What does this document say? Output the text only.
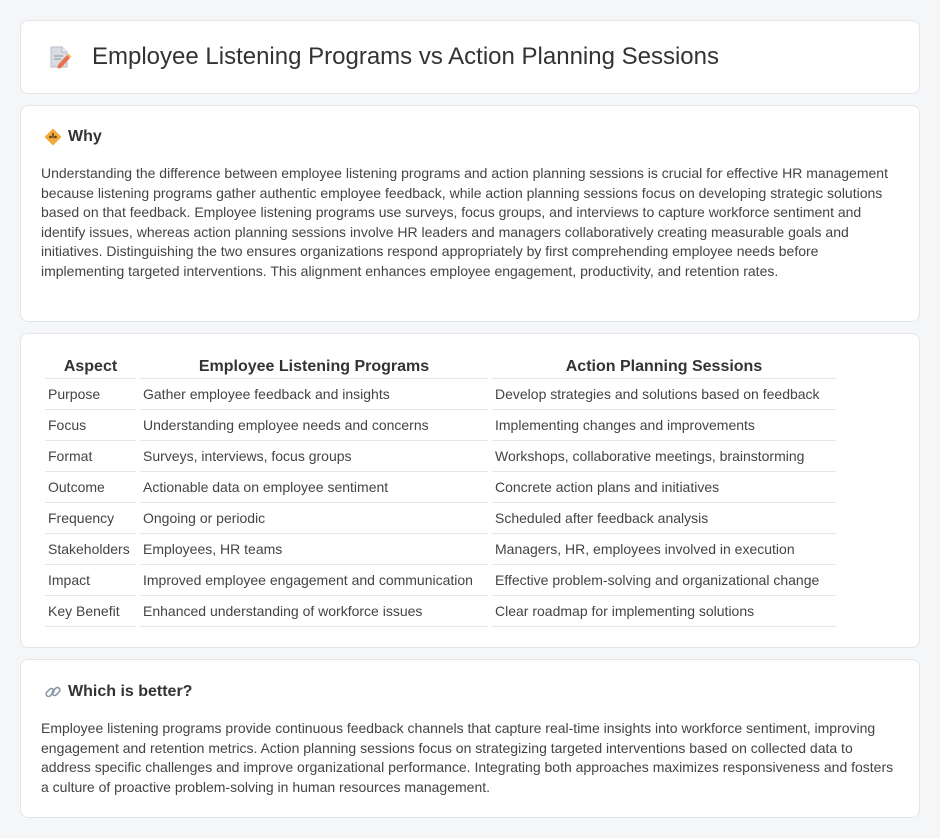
Employee Listening Programs vs Action Planning Sessions
Why

Understanding the difference between employee listening programs and action planning sessions is crucial for effective HR management because listening programs gather authentic employee feedback, while action planning sessions focus on developing strategic solutions based on that feedback. Employee listening programs use surveys, focus groups, and interviews to capture workforce sentiment and identify issues, whereas action planning sessions involve HR leaders and managers collaboratively creating measurable goals and initiatives. Distinguishing the two ensures organizations respond appropriately by first comprehending employee needs before implementing targeted interventions. This alignment enhances employee engagement, productivity, and retention rates.

Aspect	Employee Listening Programs	Action Planning Sessions
Purpose	Gather employee feedback and insights	Develop strategies and solutions based on feedback
Focus	Understanding employee needs and concerns	Implementing changes and improvements
Format	Surveys, interviews, focus groups	Workshops, collaborative meetings, brainstorming
Outcome	Actionable data on employee sentiment	Concrete action plans and initiatives
Frequency	Ongoing or periodic	Scheduled after feedback analysis
Stakeholders	Employees, HR teams	Managers, HR, employees involved in execution
Impact	Improved employee engagement and communication	Effective problem-solving and organizational change
Key Benefit	Enhanced understanding of workforce issues	Clear roadmap for implementing solutions
Which is better?

Employee listening programs provide continuous feedback channels that capture real-time insights into workforce sentiment, improving engagement and retention metrics. Action planning sessions focus on strategizing targeted interventions based on collected data to address specific challenges and improve organizational performance. Integrating both approaches maximizes responsiveness and fosters a culture of proactive problem-solving in human resources management.
